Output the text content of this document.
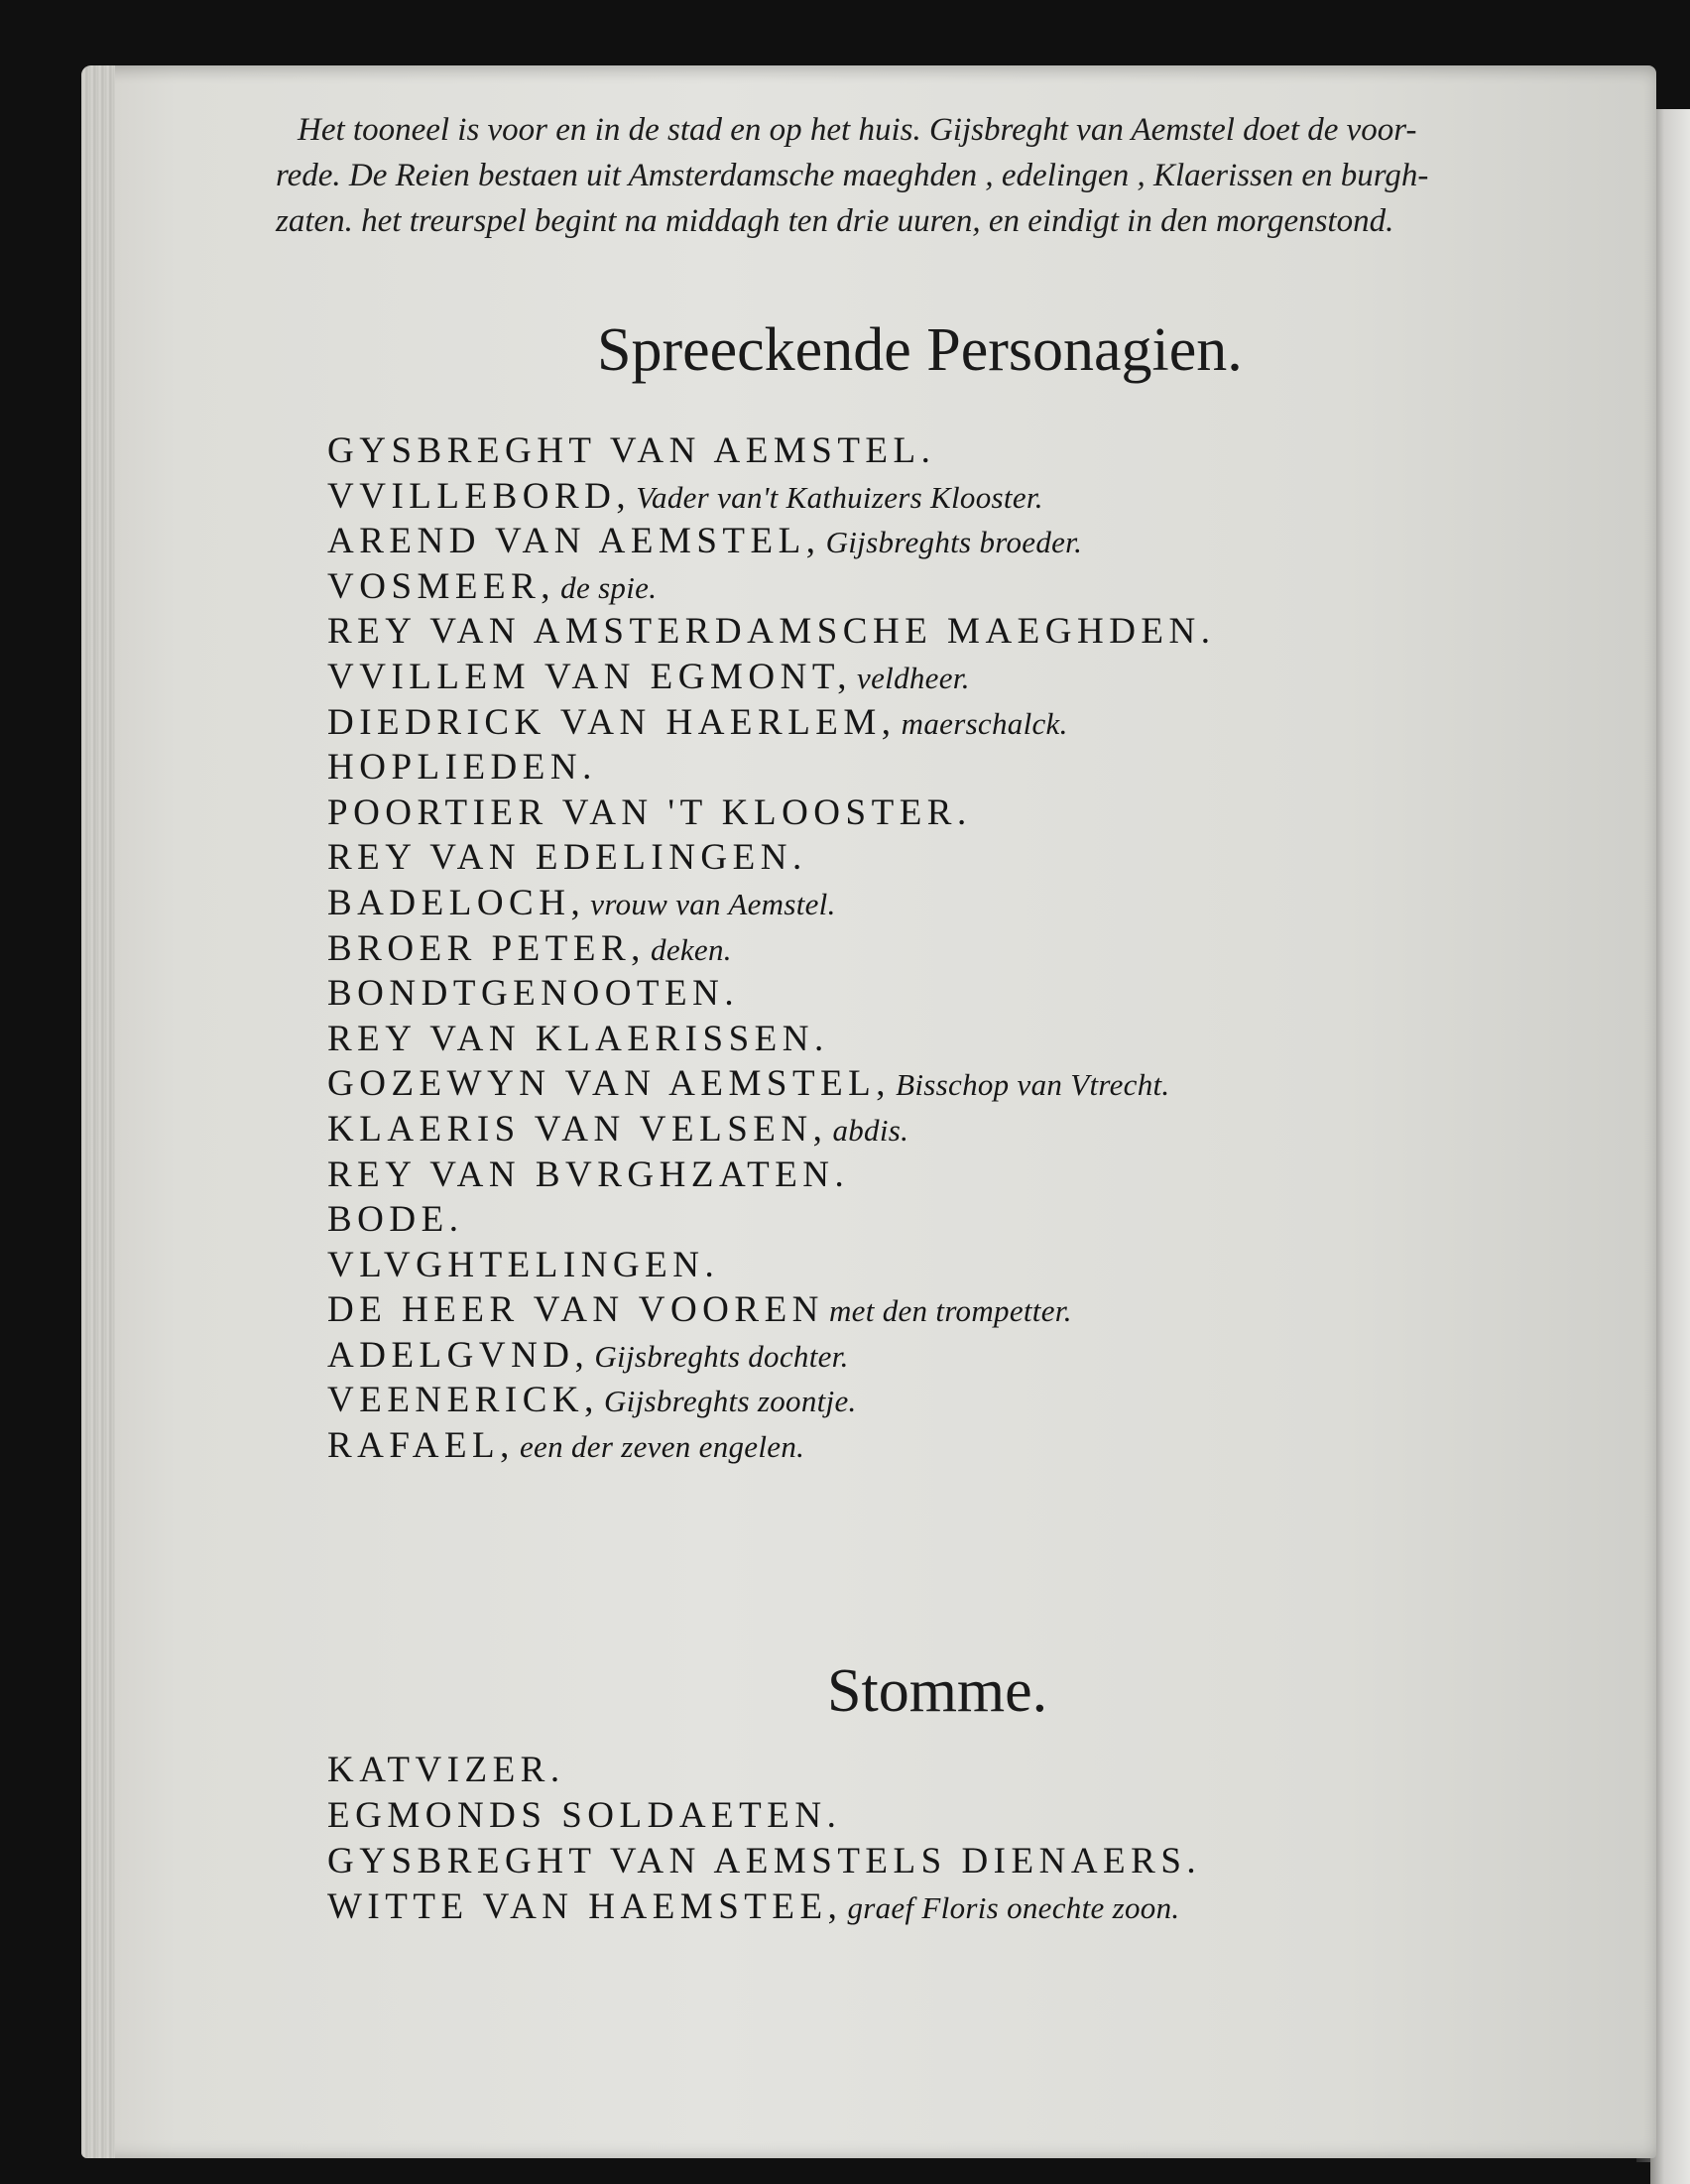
Het tooneel is voor en in de stad en op het huis. Gijsbreght van Aemstel doet de voor-
rede. De Reien bestaen uit Amsterdamsche maeghden , edelingen , Klaerissen en burgh-
zaten. het treurspel begint na middagh ten drie uuren, en eindigt in den morgenstond.
Spreeckende Personagien.
GYSBREGHT VAN AEMSTEL.
VVILLEBORD, Vader van't Kathuizers Klooster.
AREND VAN AEMSTEL, Gijsbreghts broeder.
VOSMEER, de spie.
REY VAN AMSTERDAMSCHE MAEGHDEN.
VVILLEM VAN EGMONT, veldheer.
DIEDRICK VAN HAERLEM, maerschalck.
HOPLIEDEN.
POORTIER VAN 'T KLOOSTER.
REY VAN EDELINGEN.
BADELOCH, vrouw van Aemstel.
BROER PETER, deken.
BONDTGENOOTEN.
REY VAN KLAERISSEN.
GOZEWYN VAN AEMSTEL, Bisschop van Vtrecht.
KLAERIS VAN VELSEN, abdis.
REY VAN BVRGHZATEN.
BODE.
VLVGHTELINGEN.
DE HEER VAN VOOREN met den trompetter.
ADELGVND, Gijsbreghts dochter.
VEENERICK, Gijsbreghts zoontje.
RAFAEL, een der zeven engelen.
Stomme.
KATVIZER.
EGMONDS SOLDAETEN.
GYSBREGHT VAN AEMSTELS DIENAERS.
WITTE VAN HAEMSTEE, graef Floris onechte zoon.
